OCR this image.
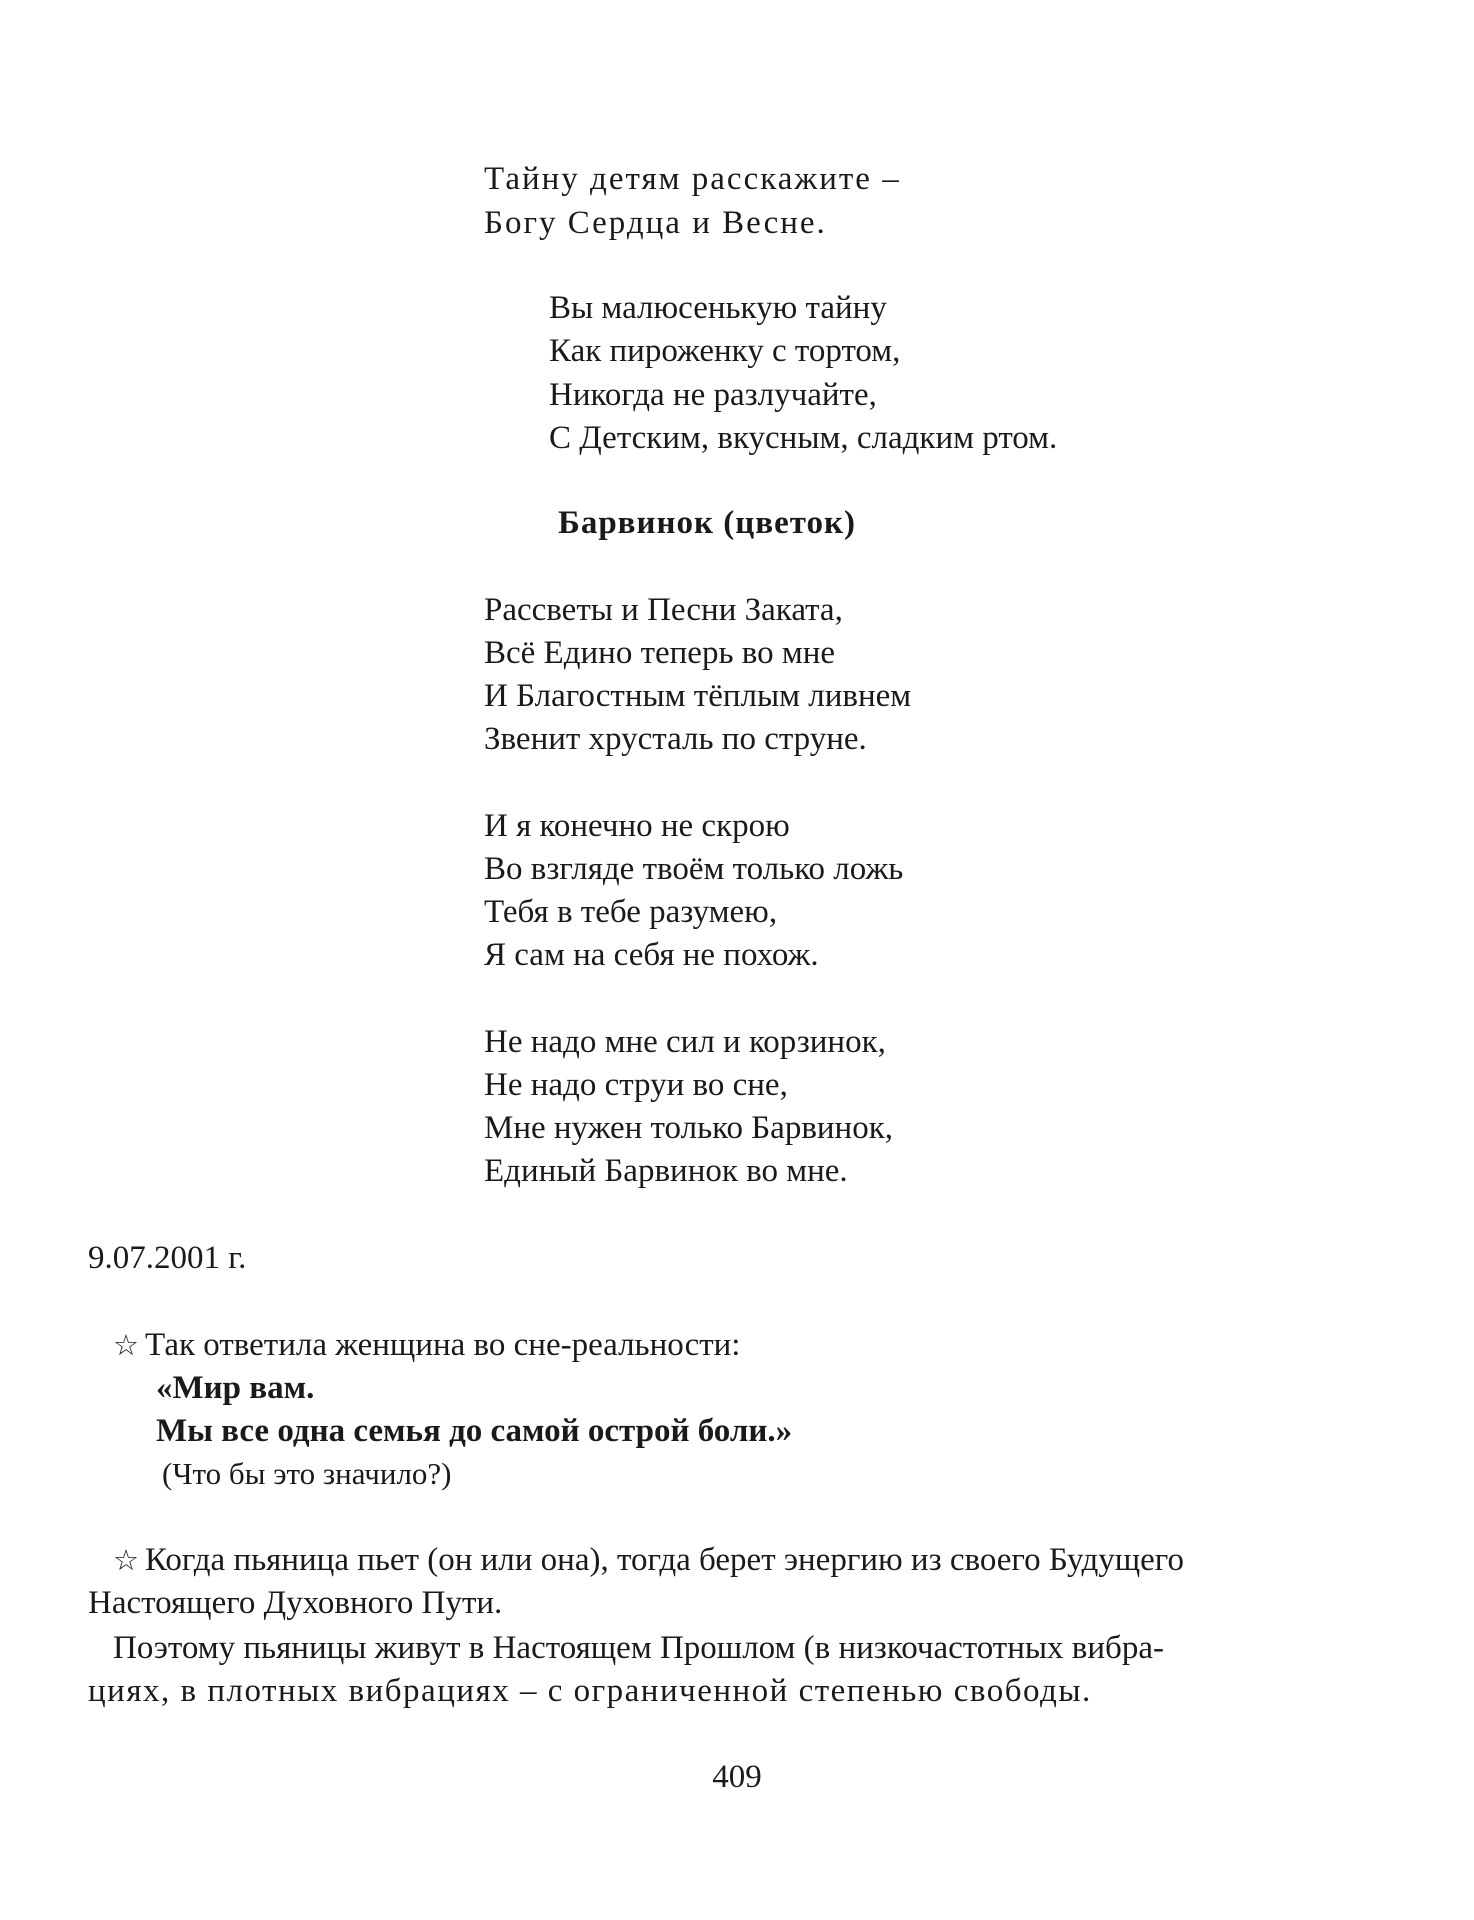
Тайну детям расскажите –
Богу Сердца и Весне.
Вы малюсенькую тайну
Как пироженку с тортом,
Никогда не разлучайте,
С Детским, вкусным, сладким ртом.
Барвинок (цветок)
Рассветы и Песни Заката,
Всё Едино теперь во мне
И Благостным тёплым ливнем
Звенит хрусталь по струне.
И я конечно не скрою
Во взгляде твоём только ложь
Тебя в тебе разумею,
Я сам на себя не похож.
Не надо мне сил и корзинок,
Не надо струи во сне,
Мне нужен только Барвинок,
Единый Барвинок во мне.
9.07.2001 г.
☆ Так ответила женщина во сне-реальности:
«Мир вам.
Мы все одна семья до самой острой боли.»
(Что бы это значило?)
☆ Когда пьяница пьет (он или она), тогда берет энергию из своего Будущего
Настоящего Духовного Пути.
Поэтому пьяницы живут в Настоящем Прошлом (в низкочастотных вибра-
циях, в плотных вибрациях – с ограниченной степенью свободы.
409
